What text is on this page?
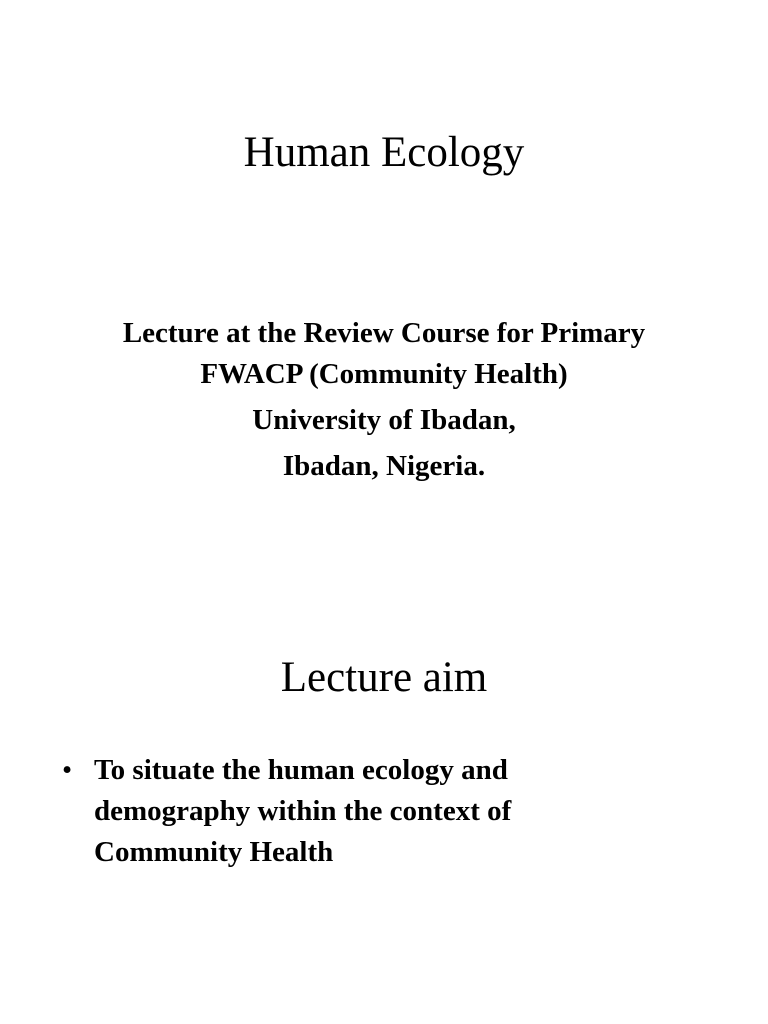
Human Ecology
Lecture at the Review Course for Primary
FWACP (Community Health)
University of Ibadan,
Ibadan, Nigeria.
Lecture aim
• To situate the human ecology and
demography within the context of
Community Health
